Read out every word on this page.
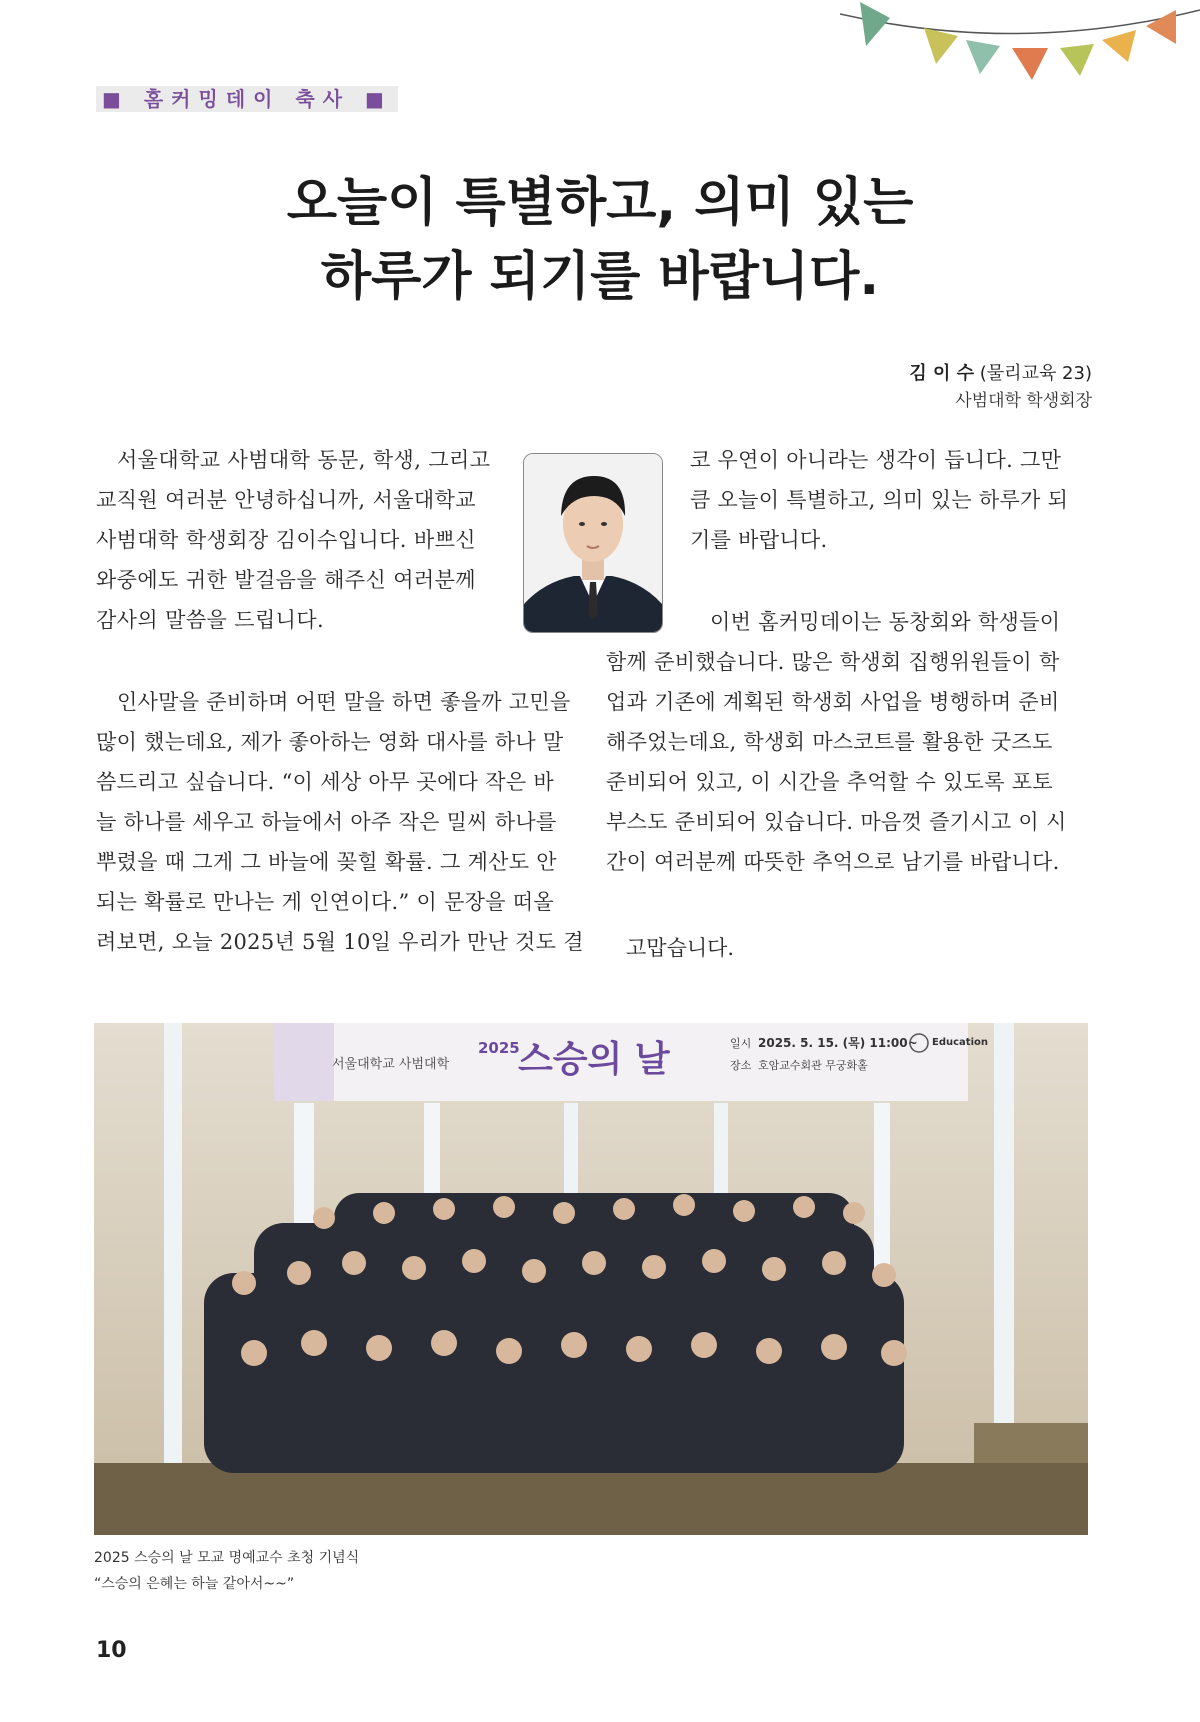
■ 홈커밍데이 축사 ■
오늘이 특별하고, 의미 있는
하루가 되기를 바랍니다.
김 이 수 (물리교육 23)
사범대학 학생회장
서울대학교 사범대학 동문, 학생, 그리고
교직원 여러분 안녕하십니까, 서울대학교
사범대학 학생회장 김이수입니다. 바쁘신
와중에도 귀한 발걸음을 해주신 여러분께
감사의 말씀을 드립니다.
인사말을 준비하며 어떤 말을 하면 좋을까 고민을
많이 했는데요, 제가 좋아하는 영화 대사를 하나 말
씀드리고 싶습니다. “이 세상 아무 곳에다 작은 바
늘 하나를 세우고 하늘에서 아주 작은 밀씨 하나를
뿌렸을 때 그게 그 바늘에 꽂힐 확률. 그 계산도 안
되는 확률로 만나는 게 인연이다.” 이 문장을 떠올
려보면, 오늘 2025년 5월 10일 우리가 만난 것도 결
코 우연이 아니라는 생각이 듭니다. 그만
큼 오늘이 특별하고, 의미 있는 하루가 되
기를 바랍니다.
이번 홈커밍데이는 동창회와 학생들이
함께 준비했습니다. 많은 학생회 집행위원들이 학
업과 기존에 계획된 학생회 사업을 병행하며 준비
해주었는데요, 학생회 마스코트를 활용한 굿즈도
준비되어 있고, 이 시간을 추억할 수 있도록 포토
부스도 준비되어 있습니다. 마음껏 즐기시고 이 시
간이 여러분께 따뜻한 추억으로 남기를 바랍니다.
고맙습니다.
서울대학교 사범대학
2025
스승의 날	일시 2025. 5. 15. (목) 11:00~
장소 호암교수회관 무궁화홀
Education
2025 스승의 날 모교 명예교수 초청 기념식
“스승의 은혜는 하늘 같아서~~”
10
